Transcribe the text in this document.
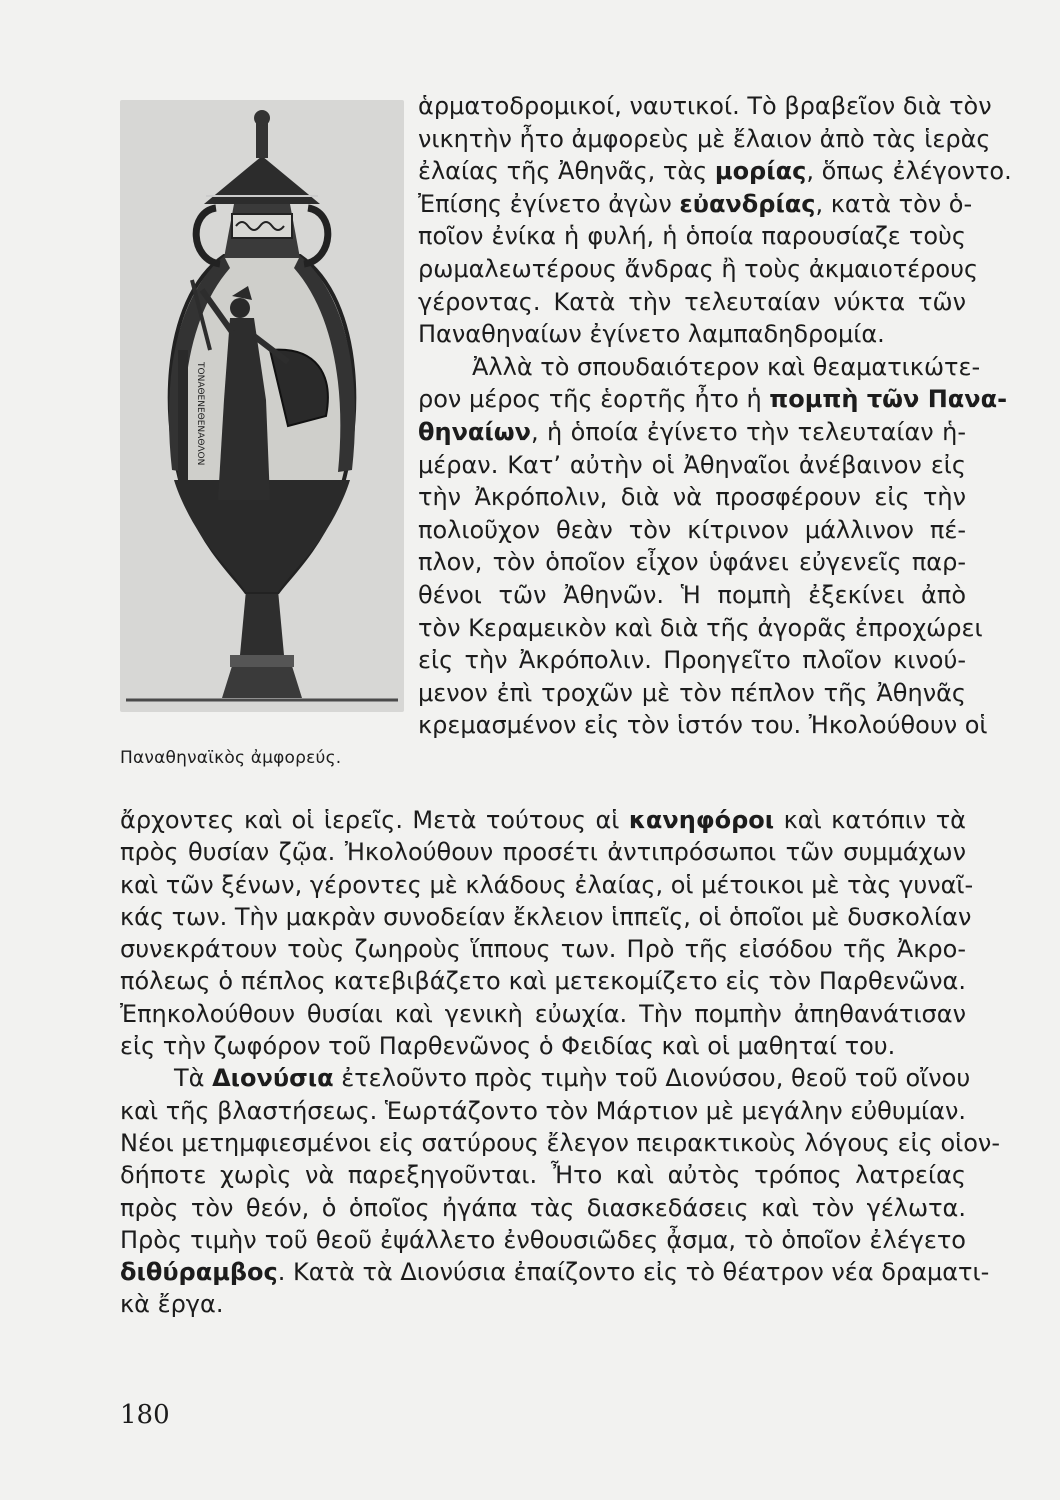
ΤΟΝΑΘΕΝΕΘΕΝΑΘΛΟΝ
Παναθηναϊκὸς ἀμφορεύς.
ἁρματοδρομικοί, ναυτικοί. Τὸ βραβεῖον διὰ τὸν
νικητὴν ἦτο ἀμφορεὺς μὲ ἔλαιον ἀπὸ τὰς ἱερὰς
ἐλαίας τῆς Ἀθηνᾶς, τὰς μορίας, ὅπως ἐλέγοντο.
Ἐπίσης ἐγίνετο ἀγὼν εὐανδρίας, κατὰ τὸν ὁ-
ποῖον ἐνίκα ἡ φυλή, ἡ ὁποία παρουσίαζε τοὺς
ρωμαλεωτέρους ἄνδρας ἢ τοὺς ἀκμαιοτέρους
γέροντας. Κατὰ τὴν τελευταίαν νύκτα τῶν
Παναθηναίων ἐγίνετο λαμπαδηδρομία.
Ἀλλὰ τὸ σπουδαιότερον καὶ θεαματικώτε-
ρον μέρος τῆς ἑορτῆς ἦτο ἡ πομπὴ τῶν Πανα-
θηναίων, ἡ ὁποία ἐγίνετο τὴν τελευταίαν ἡ-
μέραν. Κατ’ αὐτὴν οἱ Ἀθηναῖοι ἀνέβαινον εἰς
τὴν Ἀκρόπολιν, διὰ νὰ προσφέρουν εἰς τὴν
πολιοῦχον θεὰν τὸν κίτρινον μάλλινον πέ-
πλον, τὸν ὁποῖον εἶχον ὑφάνει εὐγενεῖς παρ-
θένοι τῶν Ἀθηνῶν. Ἡ πομπὴ ἐξεκίνει ἀπὸ
τὸν Κεραμεικὸν καὶ διὰ τῆς ἀγορᾶς ἐπροχώρει
εἰς τὴν Ἀκρόπολιν. Προηγεῖτο πλοῖον κινού-
μενον ἐπὶ τροχῶν μὲ τὸν πέπλον τῆς Ἀθηνᾶς
κρεμασμένον εἰς τὸν ἱστόν του. Ἠκολούθουν οἱ
ἄρχοντες καὶ οἱ ἱερεῖς. Μετὰ τούτους αἱ κανηφόροι καὶ κατόπιν τὰ
πρὸς θυσίαν ζῷα. Ἠκολούθουν προσέτι ἀντιπρόσωποι τῶν συμμάχων
καὶ τῶν ξένων, γέροντες μὲ κλάδους ἐλαίας, οἱ μέτοικοι μὲ τὰς γυναῖ-
κάς των. Τὴν μακρὰν συνοδείαν ἔκλειον ἱππεῖς, οἱ ὁποῖοι μὲ δυσκολίαν
συνεκράτουν τοὺς ζωηροὺς ἵππους των. Πρὸ τῆς εἰσόδου τῆς Ἀκρο-
πόλεως ὁ πέπλος κατεβιβάζετο καὶ μετεκομίζετο εἰς τὸν Παρθενῶνα.
Ἐπηκολούθουν θυσίαι καὶ γενικὴ εὐωχία. Τὴν πομπὴν ἀπηθανάτισαν
εἰς τὴν ζωφόρον τοῦ Παρθενῶνος ὁ Φειδίας καὶ οἱ μαθηταί του.
Τὰ Διονύσια ἐτελοῦντο πρὸς τιμὴν τοῦ Διονύσου, θεοῦ τοῦ οἴνου
καὶ τῆς βλαστήσεως. Ἑωρτάζοντο τὸν Μάρτιον μὲ μεγάλην εὐθυμίαν.
Νέοι μετημφιεσμένοι εἰς σατύρους ἔλεγον πειρακτικοὺς λόγους εἰς οἱον-
δήποτε χωρὶς νὰ παρεξηγοῦνται. Ἦτο καὶ αὐτὸς τρόπος λατρείας
πρὸς τὸν θεόν, ὁ ὁποῖος ἠγάπα τὰς διασκεδάσεις καὶ τὸν γέλωτα.
Πρὸς τιμὴν τοῦ θεοῦ ἐψάλλετο ἐνθουσιῶδες ᾆσμα, τὸ ὁποῖον ἐλέγετο
διθύραμβος. Κατὰ τὰ Διονύσια ἐπαίζοντο εἰς τὸ θέατρον νέα δραματι-
κὰ ἔργα.
180
